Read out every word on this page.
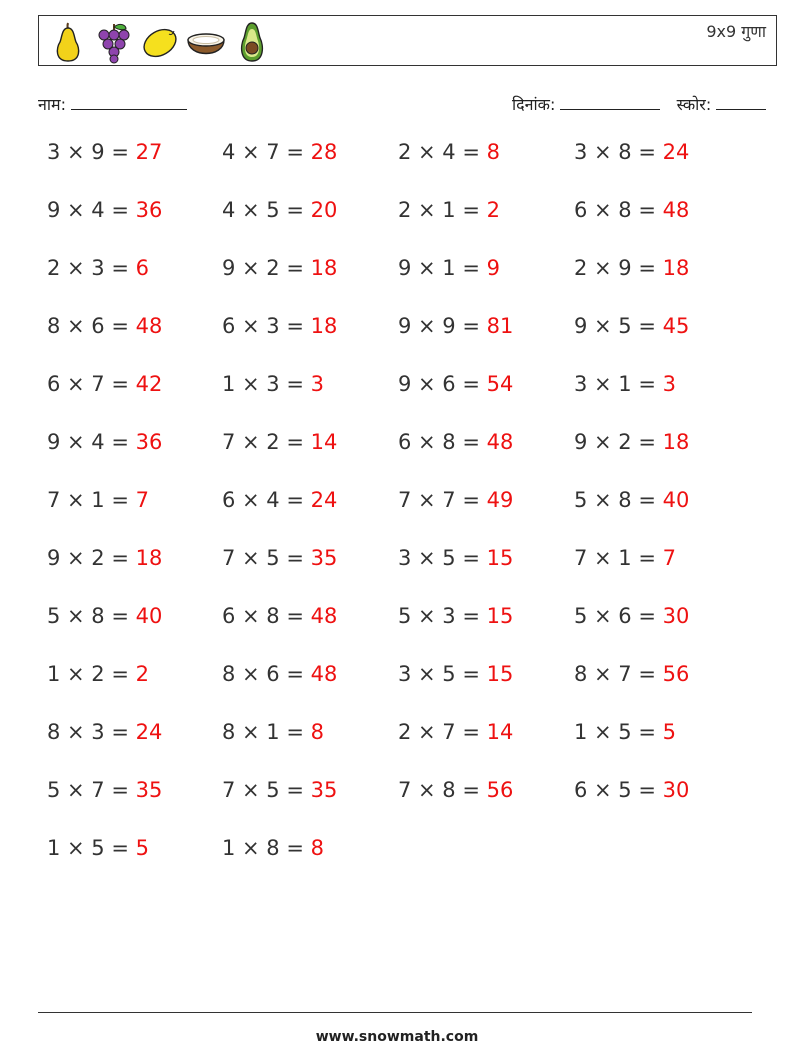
9x9 गुणा
नाम:	दिनांक:	स्कोर:
3 × 9 = 27	4 × 7 = 28	2 × 4 = 8	3 × 8 = 24
9 × 4 = 36	4 × 5 = 20	2 × 1 = 2	6 × 8 = 48
2 × 3 = 6	9 × 2 = 18	9 × 1 = 9	2 × 9 = 18
8 × 6 = 48	6 × 3 = 18	9 × 9 = 81	9 × 5 = 45
6 × 7 = 42	1 × 3 = 3	9 × 6 = 54	3 × 1 = 3
9 × 4 = 36	7 × 2 = 14	6 × 8 = 48	9 × 2 = 18
7 × 1 = 7	6 × 4 = 24	7 × 7 = 49	5 × 8 = 40
9 × 2 = 18	7 × 5 = 35	3 × 5 = 15	7 × 1 = 7
5 × 8 = 40	6 × 8 = 48	5 × 3 = 15	5 × 6 = 30
1 × 2 = 2	8 × 6 = 48	3 × 5 = 15	8 × 7 = 56
8 × 3 = 24	8 × 1 = 8	2 × 7 = 14	1 × 5 = 5
5 × 7 = 35	7 × 5 = 35	7 × 8 = 56	6 × 5 = 30
1 × 5 = 5	1 × 8 = 8
www.snowmath.com
